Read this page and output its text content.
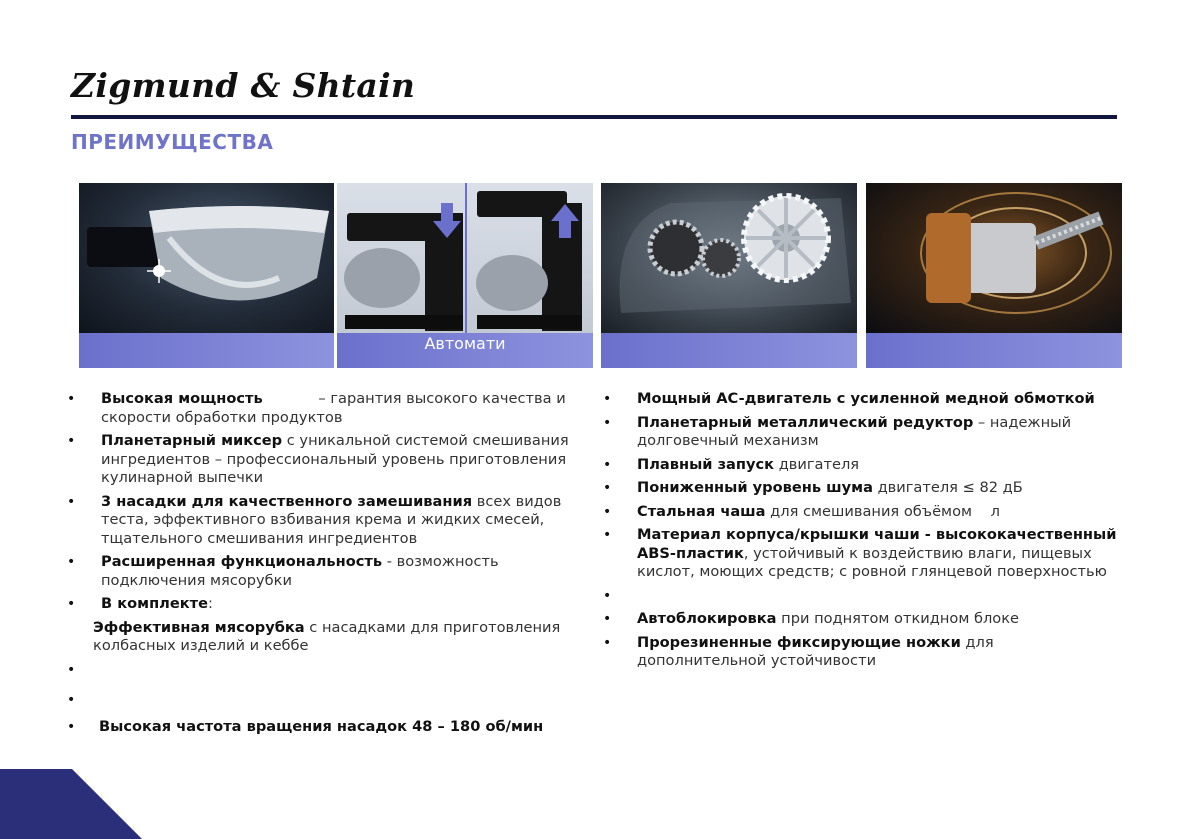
Zigmund & Shtain
ПРЕИМУЩЕСТВА
Автомати
• Высокая мощность            – гарантия высокого качества и скорости обработки продуктов
• Планетарный миксер с уникальной системой смешивания ингредиентов – профессиональный уровень приготовления кулинарной выпечки
• 3 насадки для качественного замешивания всех видов теста, эффективного взбивания крема и жидких смесей, тщательного смешивания ингредиентов
• Расширенная функциональность - возможность подключения мясорубки
• В комплекте:
Эффективная мясорубка с насадками для приготовления колбасных изделий и кеббе
•
•
• Высокая частота вращения насадок 48 – 180 об/мин
• Мощный AC-двигатель с усиленной медной обмоткой
• Планетарный металлический редуктор – надежный долговечный механизм
• Плавный запуск двигателя
• Пониженный уровень шума двигателя ≤ 82 дБ
• Стальная чаша для смешивания объёмом    л
• Материал корпуса/крышки чаши - высококачественный ABS-пластик, устойчивый к воздействию влаги, пищевых кислот, моющих средств; с ровной глянцевой поверхностью
•
• Автоблокировка при поднятом откидном блоке
• Прорезиненные фиксирующие ножки для дополнительной устойчивости
